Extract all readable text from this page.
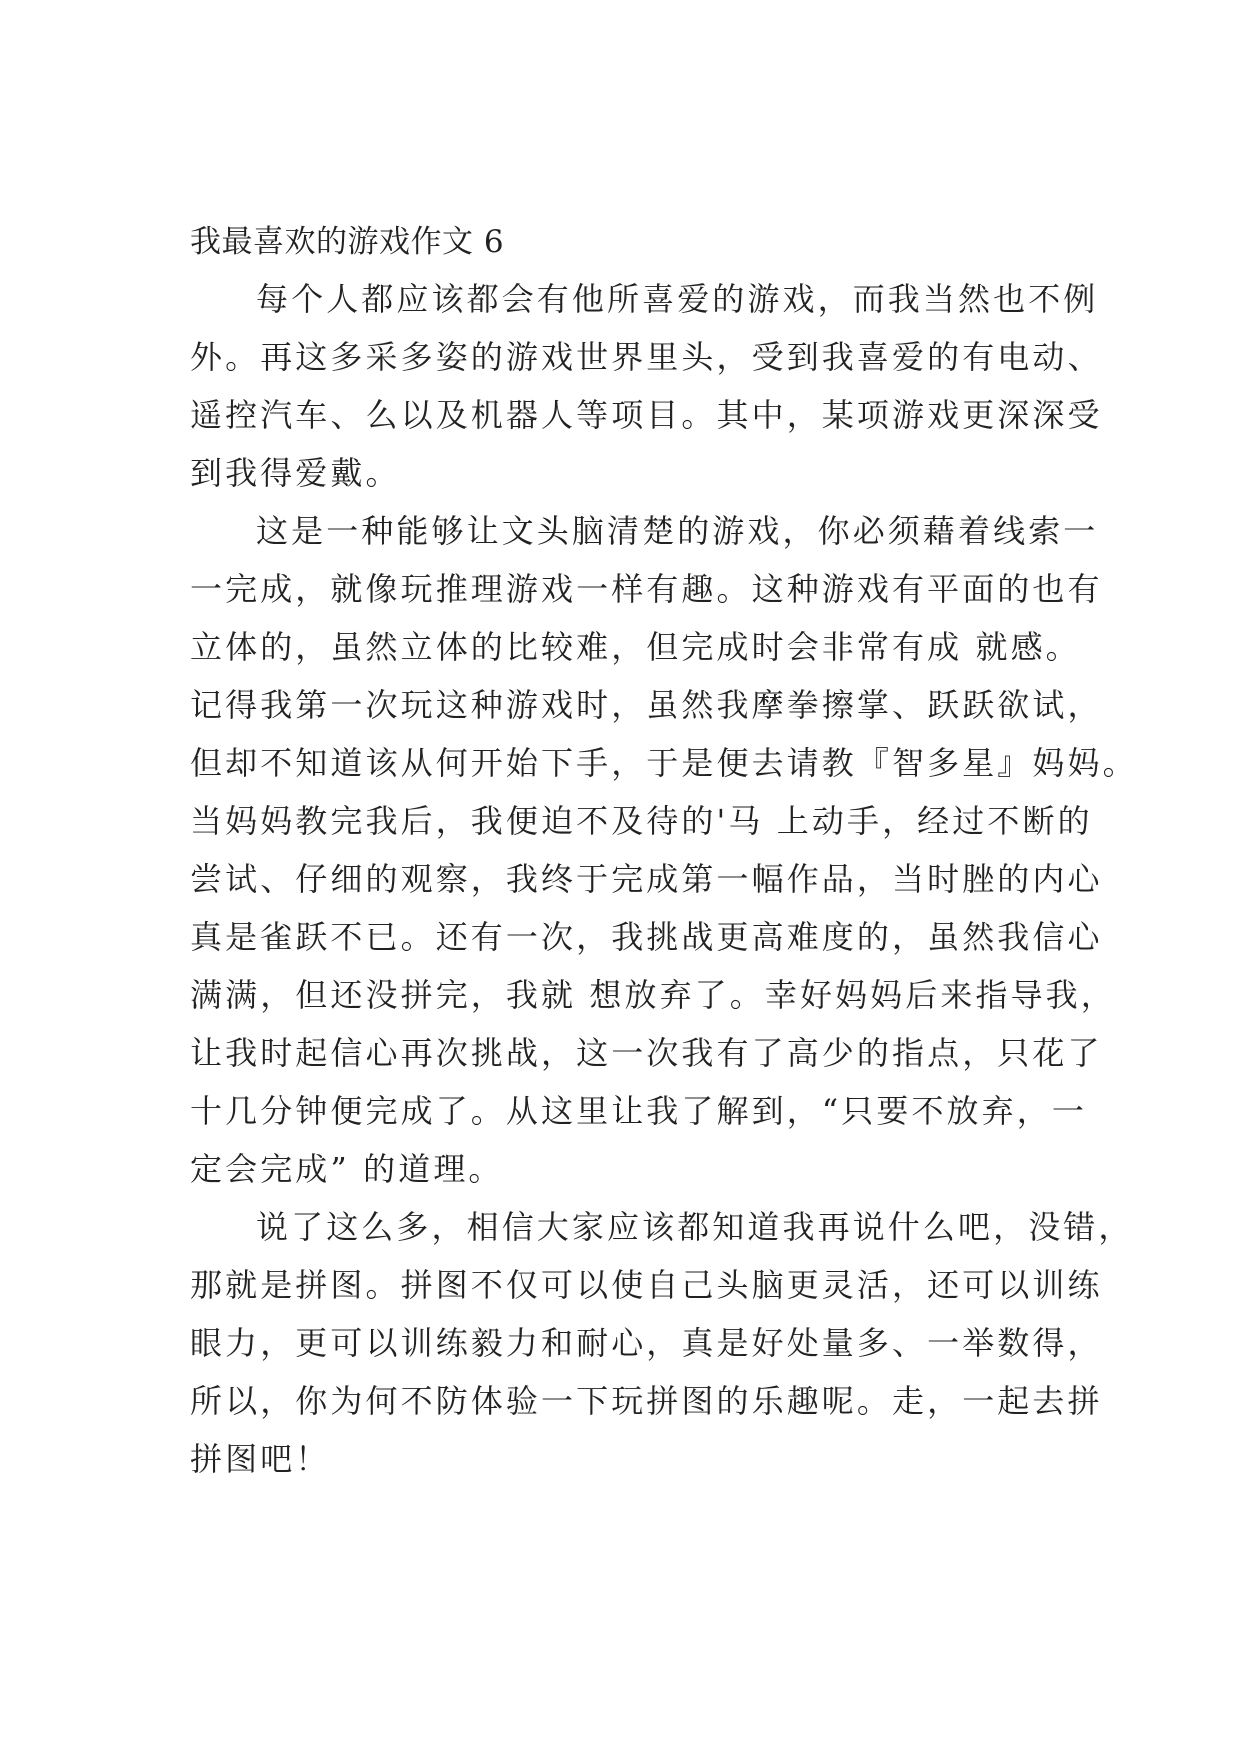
我最喜欢的游戏作文 6

每个人都应该都会有他所喜爱的游戏，而我当然也不例
外。再这多采多姿的游戏世界里头，受到我喜爱的有电动、
遥控汽车、么以及机器人等项目。其中，某项游戏更深深受
到我得爱戴。

这是一种能够让文头脑清楚的游戏，你必须藉着线索一
一完成，就像玩推理游戏一样有趣。这种游戏有平面的也有
立体的，虽然立体的比较难，但完成时会非常有成 就感。
记得我第一次玩这种游戏时，虽然我摩拳擦掌、跃跃欲试，
但却不知道该从何开始下手，于是便去请教『智多星』妈妈。
当妈妈教完我后，我便迫不及待的'马 上动手，经过不断的
尝试、仔细的观察，我终于完成第一幅作品，当时脞的内心
真是雀跃不已。还有一次，我挑战更高难度的，虽然我信心
满满，但还没拼完，我就 想放弃了。幸好妈妈后来指导我，
让我时起信心再次挑战，这一次我有了高少的指点，只花了
十几分钟便完成了。从这里让我了解到，“只要不放弃，一
定会完成” 的道理。

说了这么多，相信大家应该都知道我再说什么吧，没错，
那就是拼图。拼图不仅可以使自己头脑更灵活，还可以训练
眼力，更可以训练毅力和耐心，真是好处量多、一举数得，
所以，你为何不防体验一下玩拼图的乐趣呢。走，一起去拼
拼图吧！
